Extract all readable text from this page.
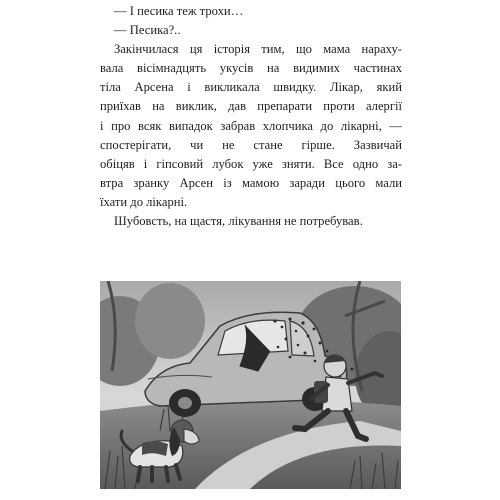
— І песика теж трохи…
— Песика?..
Закінчилася ця історія тим, що мама нараху-
вала вісімнадцять укусів на видимих частинах
тіла Арсена і викликала швидку. Лікар, який
приїхав на виклик, дав препарати проти алергії
і про всяк випадок забрав хлопчика до лікарні, — спостерігати, чи не стане гірше. Зазвичай
обіцяв і гіпсовий лубок уже зняти. Все одно за-
втра зранку Арсен із мамою заради цього мали
їхати до лікарні.
Шубовсть, на щастя, лікування не потребував.
